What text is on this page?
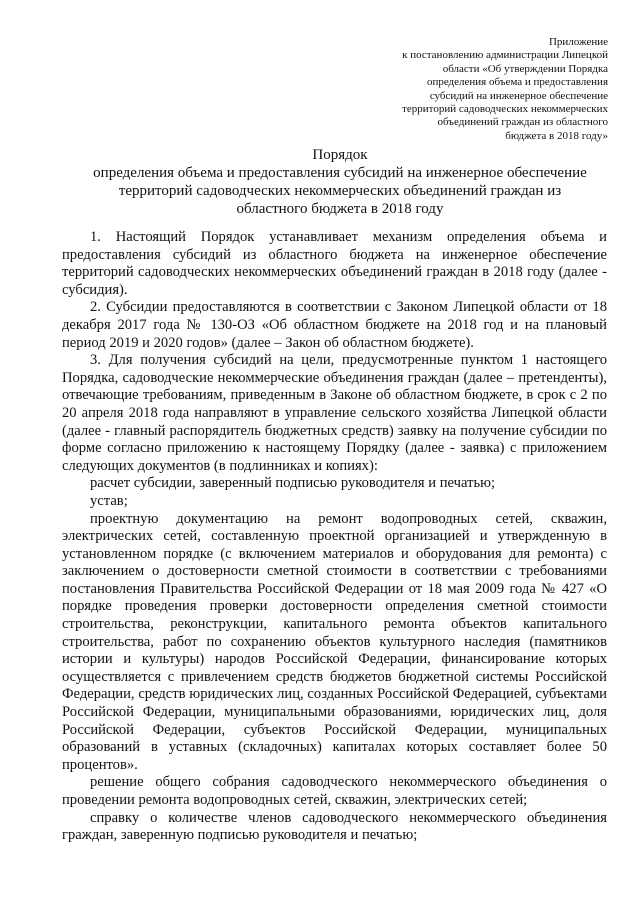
Приложение
к постановлению администрации Липецкой
области «Об утверждении Порядка
определения объема и предоставления
субсидий на инженерное обеспечение
территорий садоводческих некоммерческих
объединений граждан из областного
бюджета в 2018 году»
Порядок
определения объема и предоставления субсидий на инженерное обеспечение
территорий садоводческих некоммерческих объединений граждан из
областного бюджета в 2018 году

1. Настоящий Порядок устанавливает механизм определения объема и предоставления субсидий из областного бюджета на инженерное обеспечение территорий садоводческих некоммерческих объединений граждан в 2018 году (далее - субсидия).

2. Субсидии предоставляются в соответствии с Законом Липецкой области от 18 декабря 2017 года № 130-ОЗ «Об областном бюджете на 2018 год и на плановый период 2019 и 2020 годов» (далее – Закон об областном бюджете).

3. Для получения субсидий на цели, предусмотренные пунктом 1 настоящего Порядка, садоводческие некоммерческие объединения граждан (далее – претенденты), отвечающие требованиям, приведенным в Законе об областном бюджете, в срок с 2 по 20 апреля 2018 года направляют в управление сельского хозяйства Липецкой области (далее - главный распорядитель бюджетных средств) заявку на получение субсидии по форме согласно приложению к настоящему Порядку (далее - заявка) с приложением следующих документов (в подлинниках и копиях):

расчет субсидии, заверенный подписью руководителя и печатью;

устав;

проектную документацию на ремонт водопроводных сетей, скважин, электрических сетей, составленную проектной организацией и утвержденную в установленном порядке (с включением материалов и оборудования для ремонта) с заключением о достоверности сметной стоимости в соответствии с требованиями постановления Правительства Российской Федерации от 18 мая 2009 года № 427 «О порядке проведения проверки достоверности определения сметной стоимости строительства, реконструкции, капитального ремонта объектов капитального строительства, работ по сохранению объектов культурного наследия (памятников истории и культуры) народов Российской Федерации, финансирование которых осуществляется с привлечением средств бюджетов бюджетной системы Российской Федерации, средств юридических лиц, созданных Российской Федерацией, субъектами Российской Федерации, муниципальными образованиями, юридических лиц, доля Российской Федерации, субъектов Российской Федерации, муниципальных образований в уставных (складочных) капиталах которых составляет более 50 процентов».

решение общего собрания садоводческого некоммерческого объединения о проведении ремонта водопроводных сетей, скважин, электрических сетей;

справку о количестве членов садоводческого некоммерческого объединения граждан, заверенную подписью руководителя и печатью;
